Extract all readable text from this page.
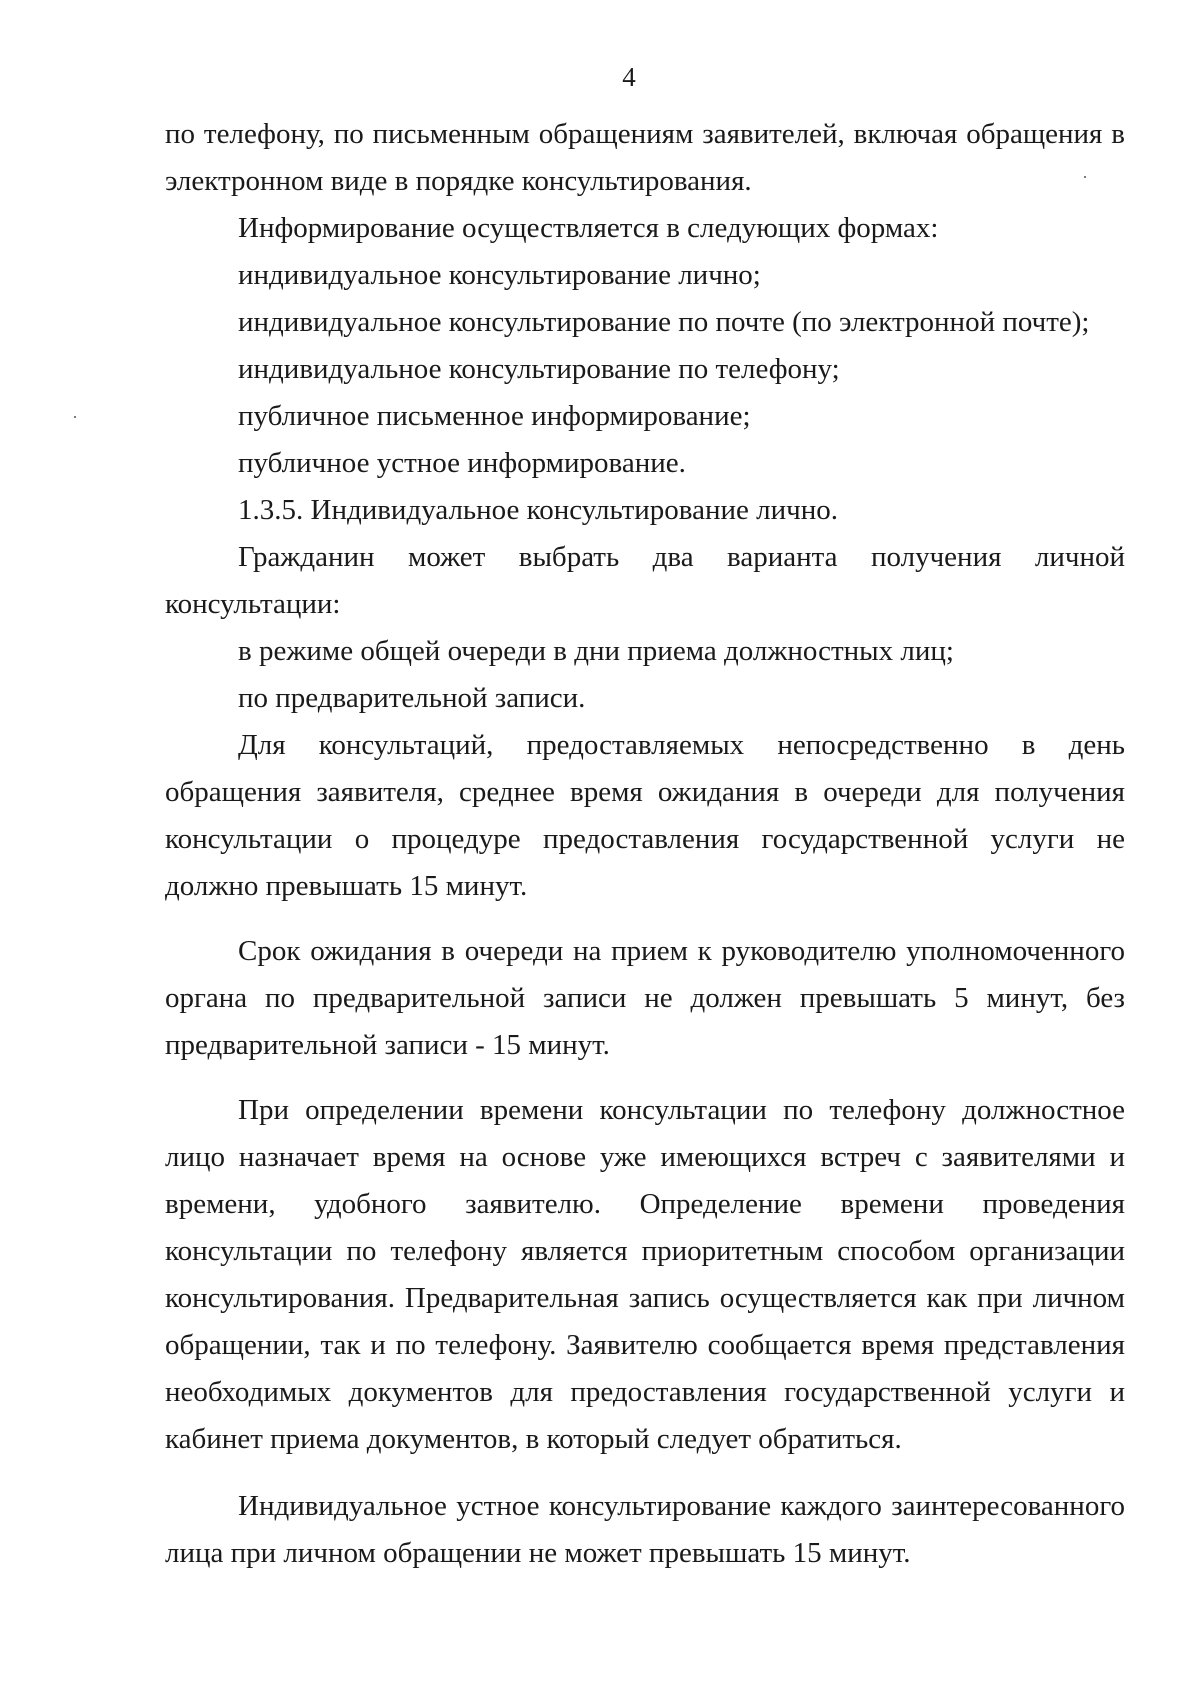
4

по телефону, по письменным обращениям заявителей, включая обращения в электронном виде в порядке консультирования.

Информирование осуществляется в следующих формах:

индивидуальное консультирование лично;

индивидуальное консультирование по почте (по электронной почте);

индивидуальное консультирование по телефону;

публичное письменное информирование;

публичное устное информирование.

1.3.5. Индивидуальное консультирование лично.

Гражданин может выбрать два варианта получения личной консультации:

в режиме общей очереди в дни приема должностных лиц;

по предварительной записи.

Для консультаций, предоставляемых непосредственно в день обращения заявителя, среднее время ожидания в очереди для получения консультации о процедуре предоставления государственной услуги не должно превышать 15 минут.

Срок ожидания в очереди на прием к руководителю уполномоченного органа по предварительной записи не должен превышать 5 минут, без предварительной записи - 15 минут.

При определении времени консультации по телефону должностное лицо назначает время на основе уже имеющихся встреч с заявителями и времени, удобного заявителю. Определение времени проведения консультации по телефону является приоритетным способом организации консультирования. Предварительная запись осуществляется как при личном обращении, так и по телефону. Заявителю сообщается время представления необходимых документов для предоставления государственной услуги и кабинет приема документов, в который следует обратиться.

Индивидуальное устное консультирование каждого заинтересованного лица при личном обращении не может превышать 15 минут.
